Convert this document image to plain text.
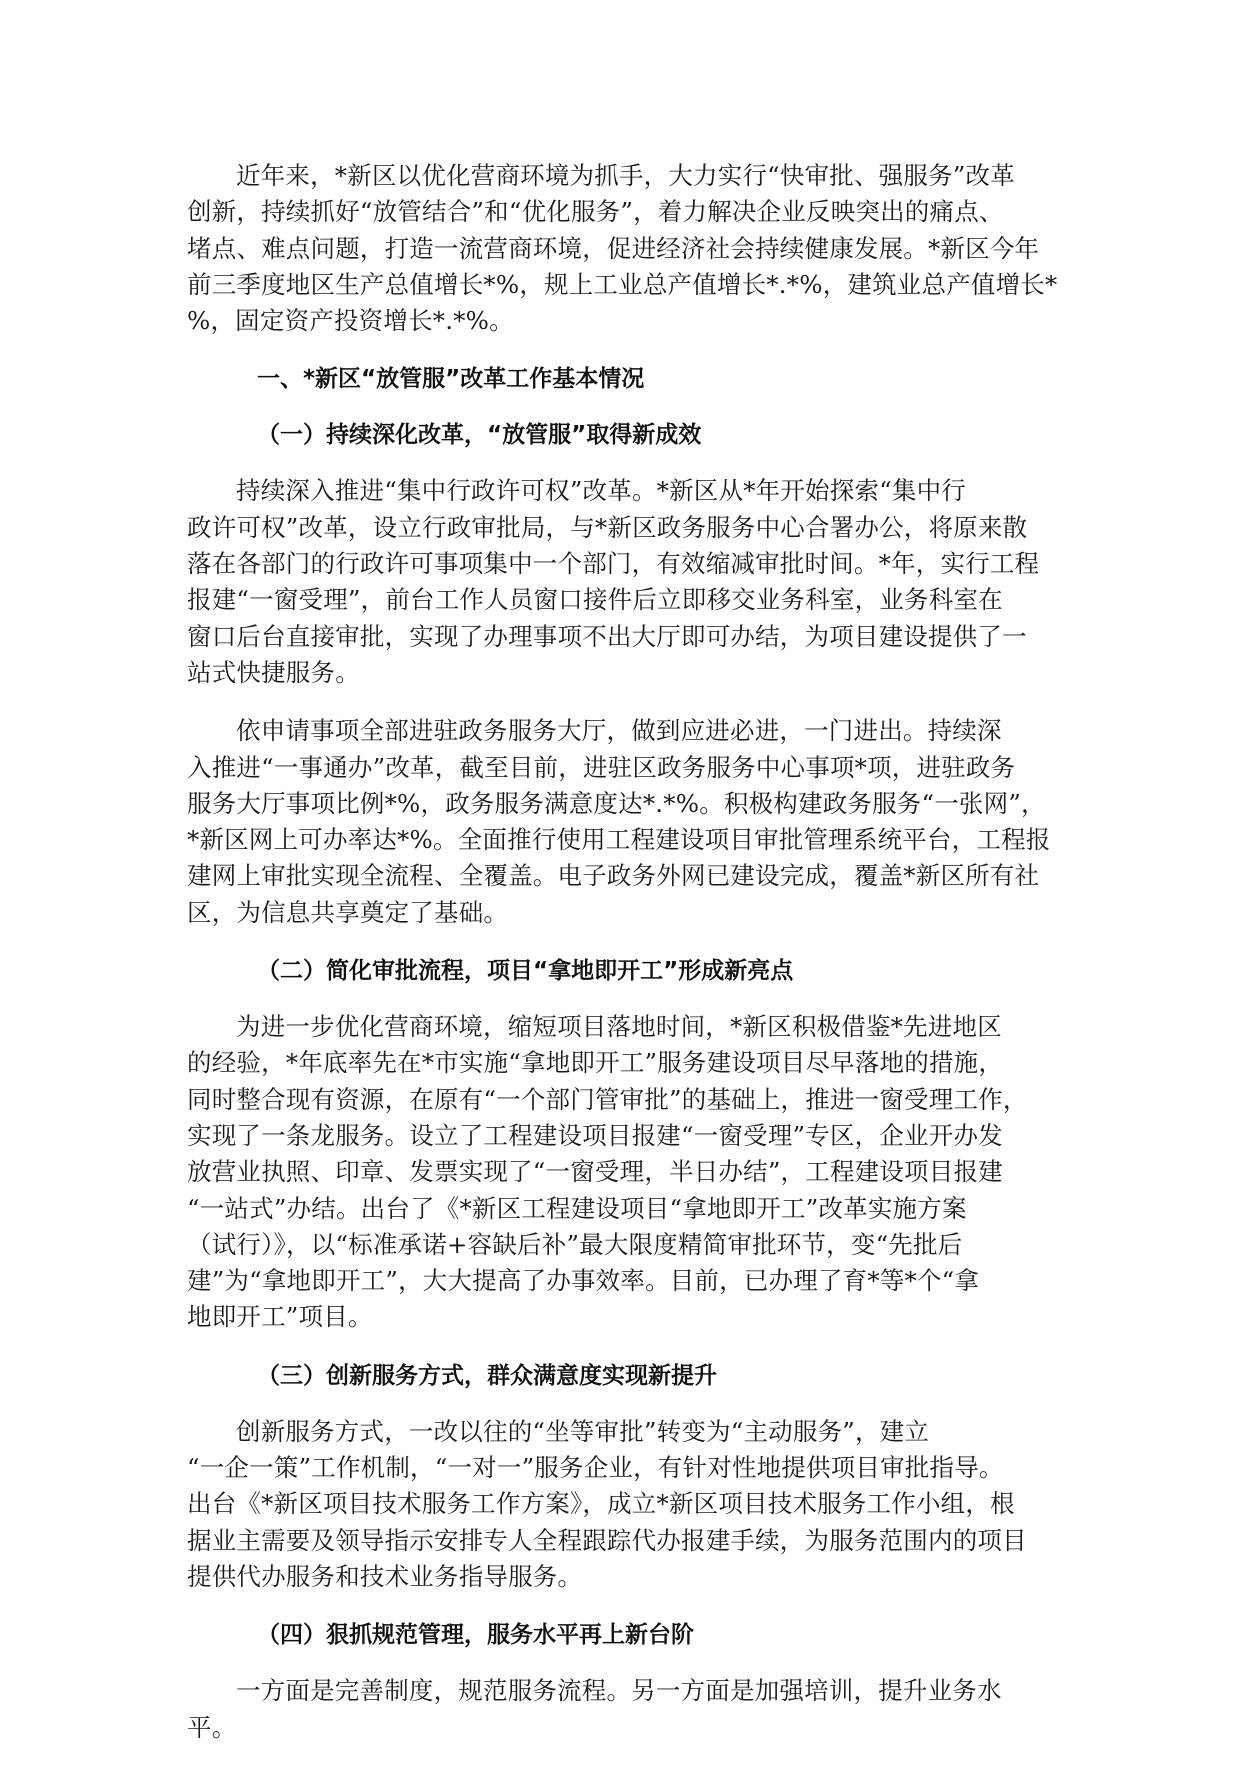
近年来，*新区以优化营商环境为抓手，大力实行“快审批、强服务”改革
创新，持续抓好“放管结合”和“优化服务”，着力解决企业反映突出的痛点、
堵点、难点问题，打造一流营商环境，促进经济社会持续健康发展。*新区今年
前三季度地区生产总值增长*%，规上工业总产值增长*.*%，建筑业总产值增长*
%，固定资产投资增长*.*%。
一、*新区“放管服”改革工作基本情况
（一）持续深化改革，“放管服”取得新成效
持续深入推进“集中行政许可权”改革。*新区从*年开始探索“集中行
政许可权”改革，设立行政审批局，与*新区政务服务中心合署办公，将原来散
落在各部门的行政许可事项集中一个部门，有效缩减审批时间。*年，实行工程
报建“一窗受理”，前台工作人员窗口接件后立即移交业务科室，业务科室在
窗口后台直接审批，实现了办理事项不出大厅即可办结，为项目建设提供了一
站式快捷服务。
依申请事项全部进驻政务服务大厅，做到应进必进，一门进出。持续深
入推进“一事通办”改革，截至目前，进驻区政务服务中心事项*项，进驻政务
服务大厅事项比例*%，政务服务满意度达*.*%。积极构建政务服务“一张网”，
*新区网上可办率达*%。全面推行使用工程建设项目审批管理系统平台，工程报
建网上审批实现全流程、全覆盖。电子政务外网已建设完成，覆盖*新区所有社
区，为信息共享奠定了基础。
（二）简化审批流程，项目“拿地即开工”形成新亮点
为进一步优化营商环境，缩短项目落地时间，*新区积极借鉴*先进地区
的经验，*年底率先在*市实施“拿地即开工”服务建设项目尽早落地的措施，
同时整合现有资源，在原有“一个部门管审批”的基础上，推进一窗受理工作，
实现了一条龙服务。设立了工程建设项目报建“一窗受理”专区，企业开办发
放营业执照、印章、发票实现了“一窗受理，半日办结”，工程建设项目报建
“一站式”办结。出台了《*新区工程建设项目“拿地即开工”改革实施方案
（试行）》，以“标准承诺+容缺后补”最大限度精简审批环节，变“先批后
建”为“拿地即开工”，大大提高了办事效率。目前，已办理了育*等*个“拿
地即开工”项目。
（三）创新服务方式，群众满意度实现新提升
创新服务方式，一改以往的“坐等审批”转变为“主动服务”，建立
“一企一策”工作机制，“一对一”服务企业，有针对性地提供项目审批指导。
出台《*新区项目技术服务工作方案》，成立*新区项目技术服务工作小组，根
据业主需要及领导指示安排专人全程跟踪代办报建手续，为服务范围内的项目
提供代办服务和技术业务指导服务。
（四）狠抓规范管理，服务水平再上新台阶
一方面是完善制度，规范服务流程。另一方面是加强培训，提升业务水
平。
